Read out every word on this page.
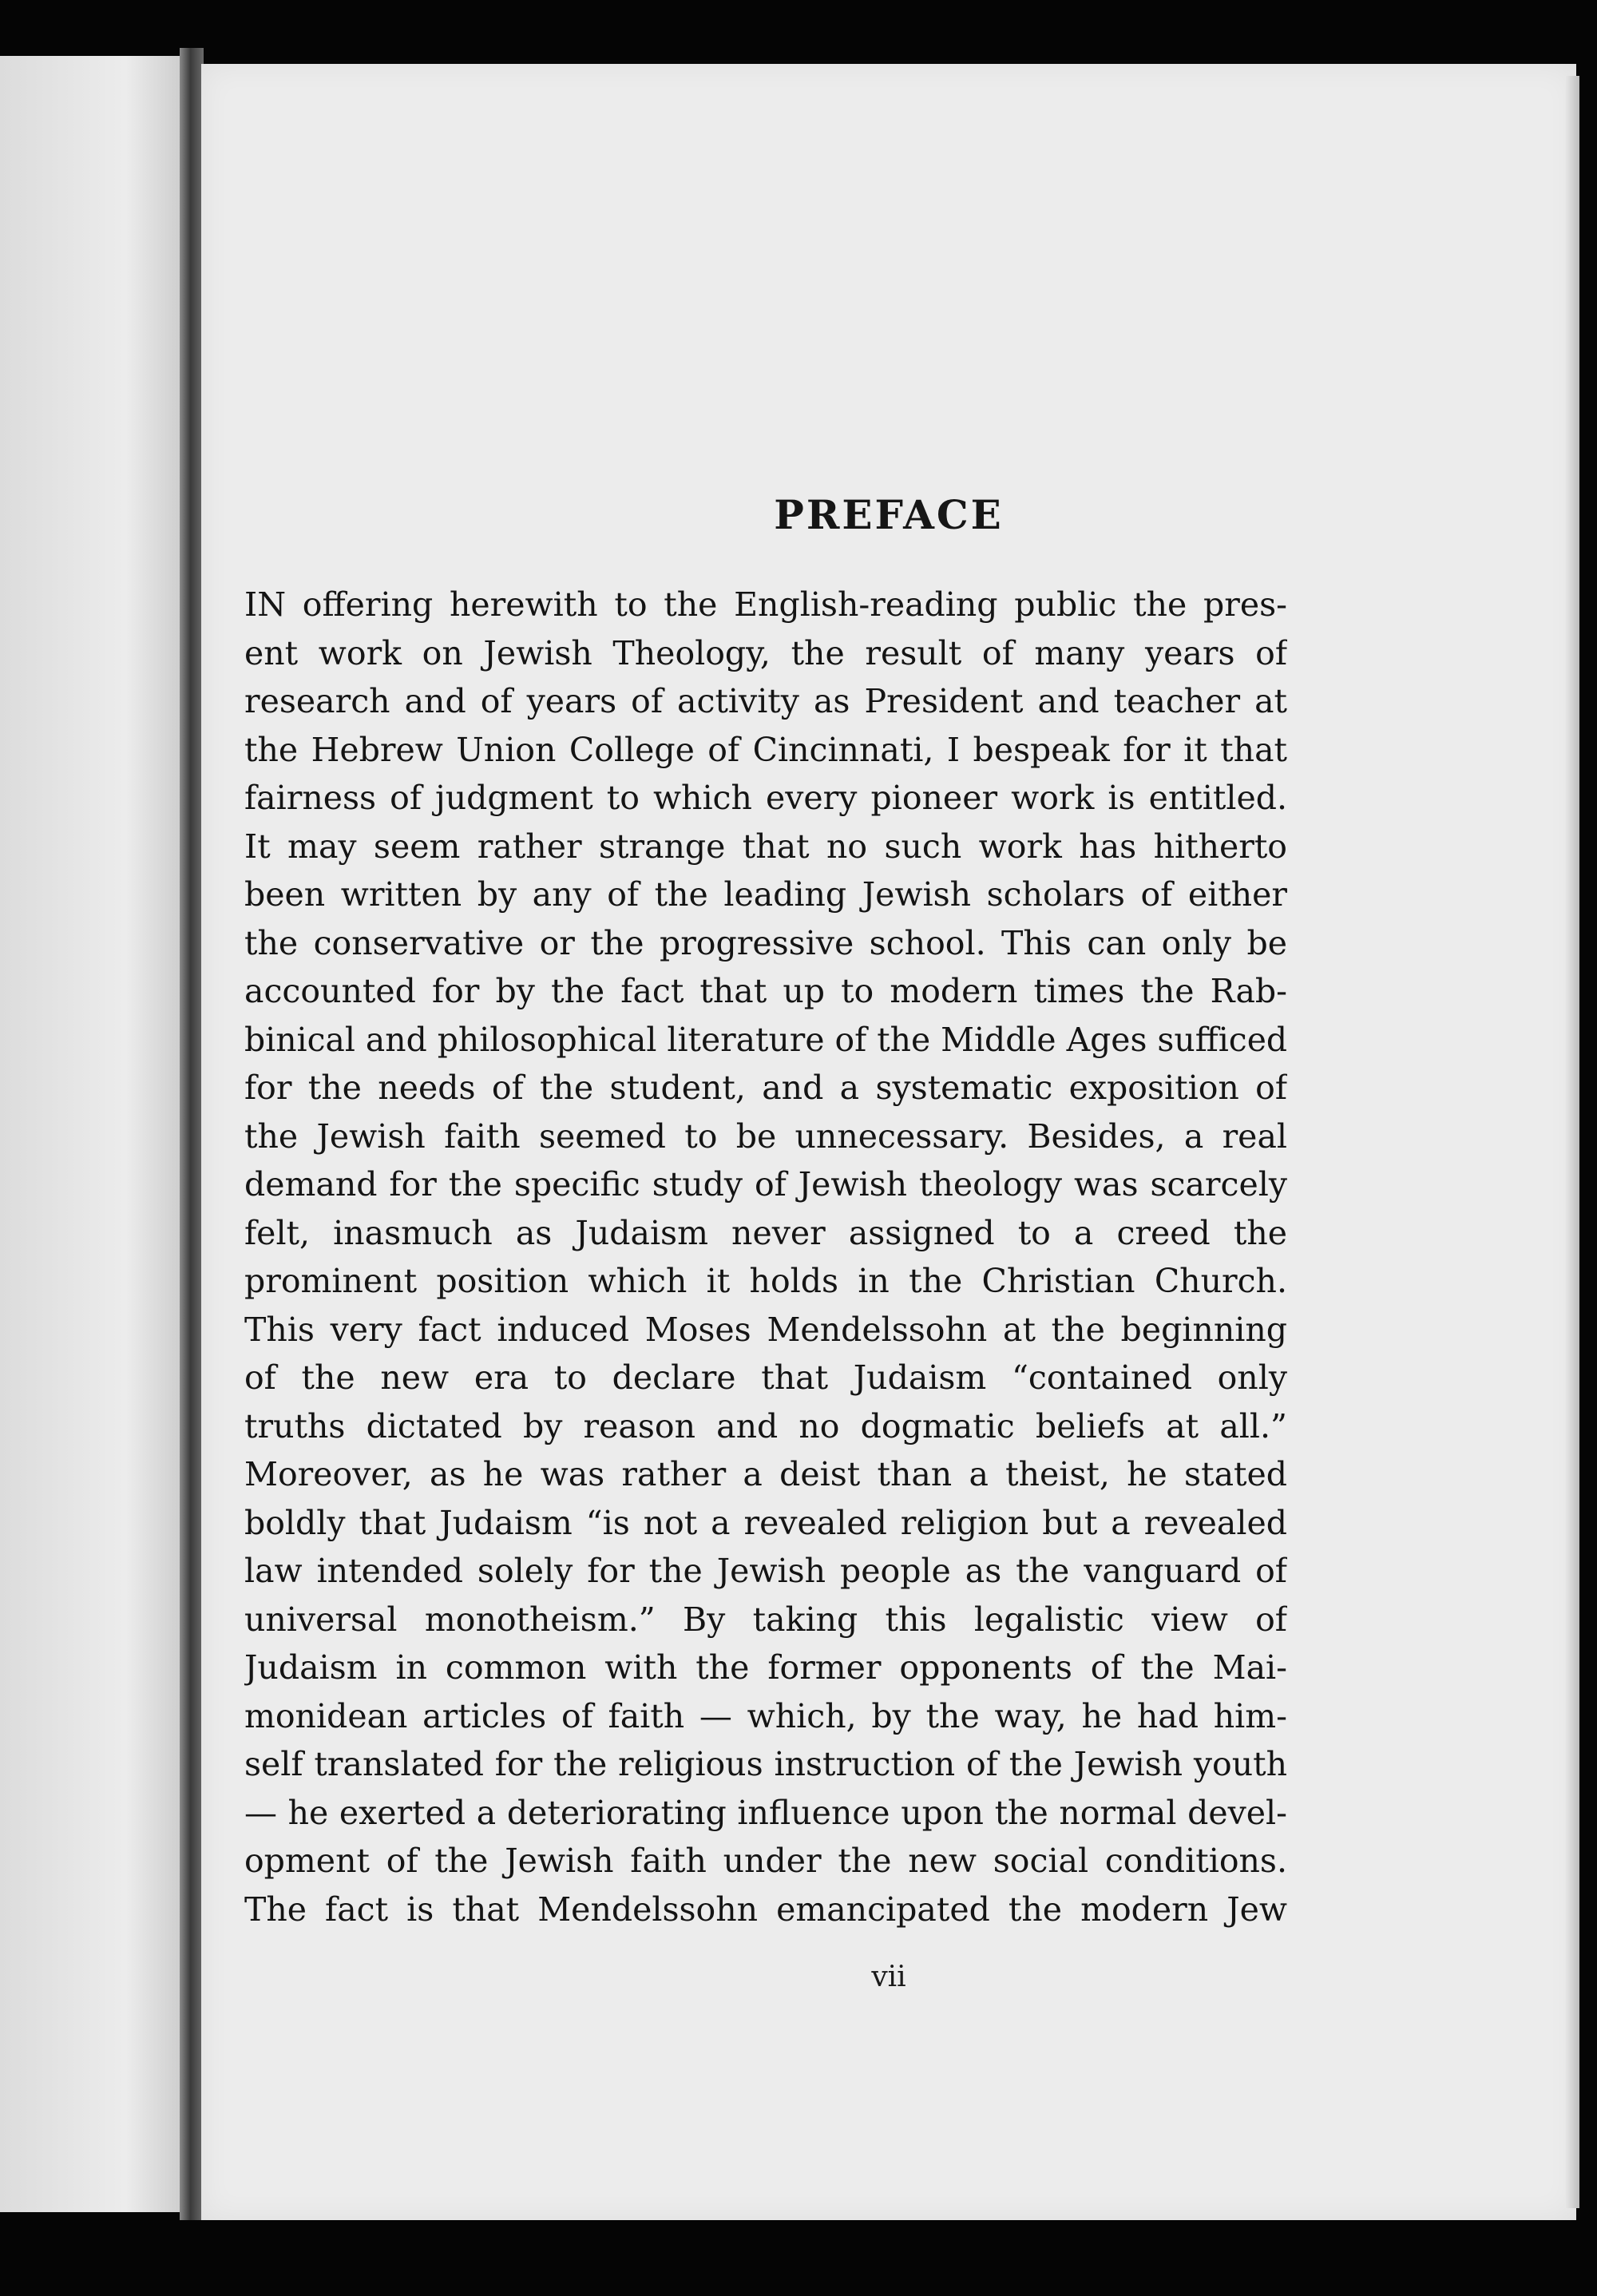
PREFACE
IN offering herewith to the English-reading public the pres-
ent work on Jewish Theology, the result of many years of
research and of years of activity as President and teacher at
the Hebrew Union College of Cincinnati, I bespeak for it that
fairness of judgment to which every pioneer work is entitled.
It may seem rather strange that no such work has hitherto
been written by any of the leading Jewish scholars of either
the conservative or the progressive school. This can only be
accounted for by the fact that up to modern times the Rab-
binical and philosophical literature of the Middle Ages sufficed
for the needs of the student, and a systematic exposition of
the Jewish faith seemed to be unnecessary. Besides, a real
demand for the specific study of Jewish theology was scarcely
felt, inasmuch as Judaism never assigned to a creed the
prominent position which it holds in the Christian Church.
This very fact induced Moses Mendelssohn at the beginning
of the new era to declare that Judaism “contained only
truths dictated by reason and no dogmatic beliefs at all.”
Moreover, as he was rather a deist than a theist, he stated
boldly that Judaism “is not a revealed religion but a revealed
law intended solely for the Jewish people as the vanguard of
universal monotheism.” By taking this legalistic view of
Judaism in common with the former opponents of the Mai-
monidean articles of faith — which, by the way, he had him-
self translated for the religious instruction of the Jewish youth
— he exerted a deteriorating influence upon the normal devel-
opment of the Jewish faith under the new social conditions.
The fact is that Mendelssohn emancipated the modern Jew
vii
